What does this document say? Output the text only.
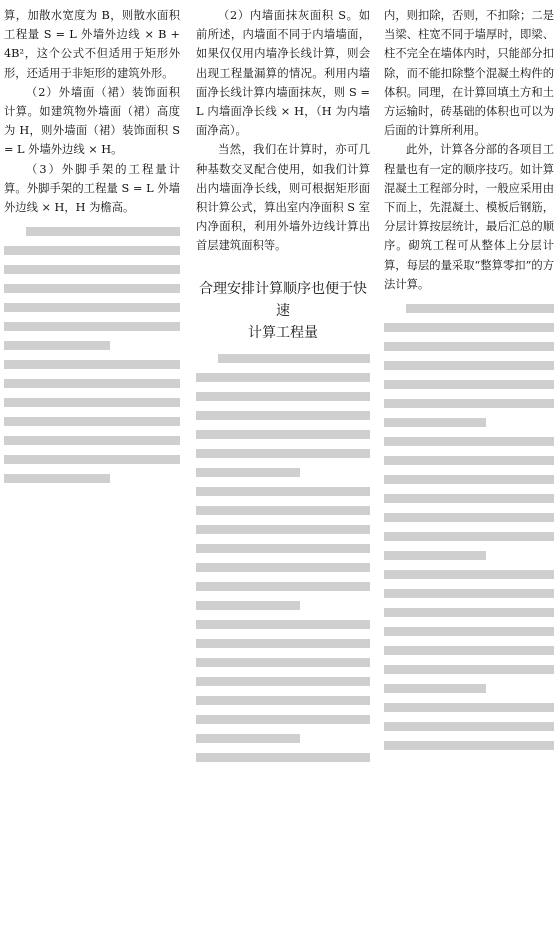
算，加散水宽度为 B，则散水面积工程量 S = L 外墙外边线 × B + 4B²，这个公式不但适用于矩形外形，还适用于非矩形的建筑外形。

（2）外墙面（裙）装饰面积计算。如建筑物外墙面（裙）高度为 H，则外墙面（裙）装饰面积 S = L 外墙外边线 × H。

（3）外脚手架的工程量计算。外脚手架的工程量 S = L 外墙外边线 × H，H 为檐高。

（2）内墙面抹灰面积 S。如前所述，内墙面不同于内墙墙面，如果仅仅用内墙净长线计算，则会出现工程量漏算的情况。利用内墙面净长线计算内墙面抹灰，则 S = L 内墙面净长线 × H，（H 为内墙面净高）。

当然，我们在计算时，亦可几种基数交叉配合使用，如我们计算出内墙面净长线，则可根据矩形面积计算公式，算出室内净面积 S 室内净面积，利用外墙外边线计算出首层建筑面积等。

合理安排计算顺序也便于快速
计算工程量

内，则扣除，否则，不扣除；二是当梁、柱宽不同于墙厚时，即梁、柱不完全在墙体内时，只能部分扣除，而不能扣除整个混凝土构件的体积。同理，在计算回填土方和土方运输时，砖基础的体积也可以为后面的计算所利用。

此外，计算各分部的各项目工程量也有一定的顺序技巧。如计算混凝土工程部分时，一般应采用由下而上，先混凝土、模板后钢筋，分层计算按层统计，最后汇总的顺序。砌筑工程可从整体上分层计算，每层的量采取“整算零扣”的方法计算。
